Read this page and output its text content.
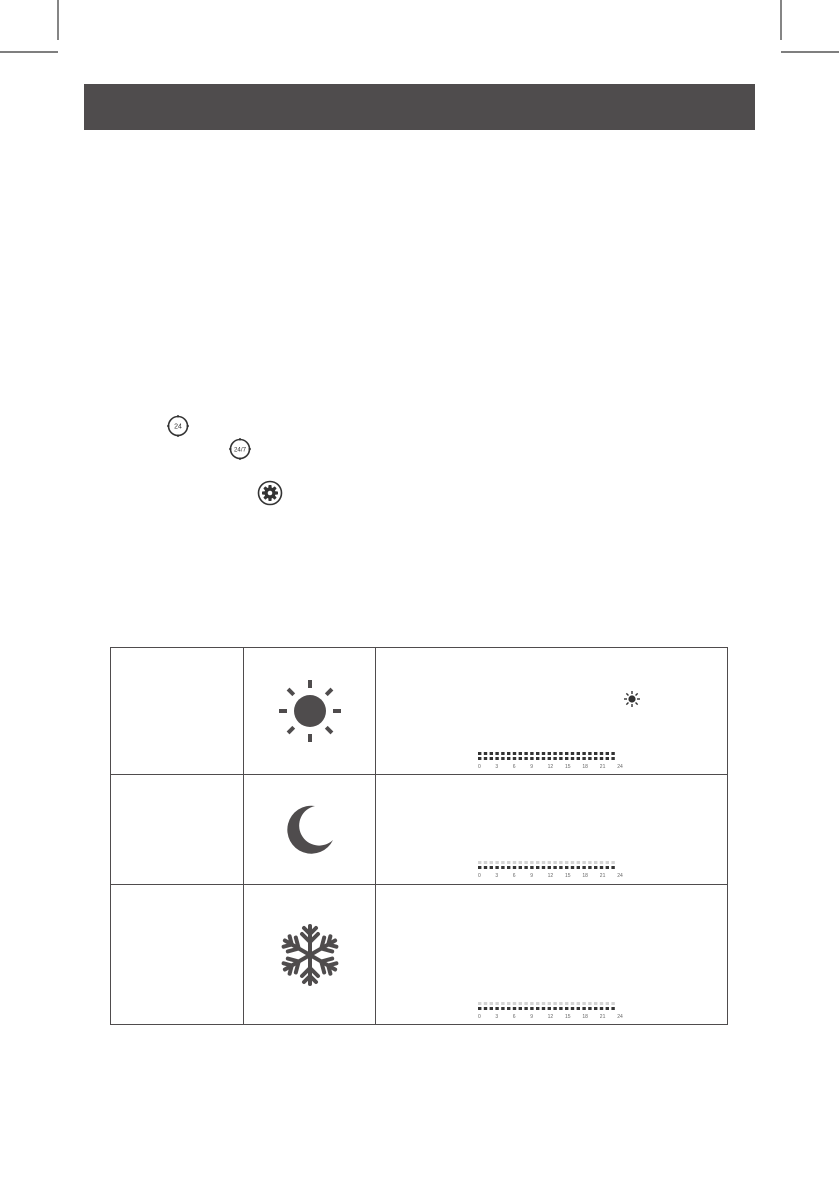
24
24/7
0	3	6	9	12 15 18 21 24
0	3	6	9	12 15 18 21 24
0	3	6	9	12 15 18 21 24
